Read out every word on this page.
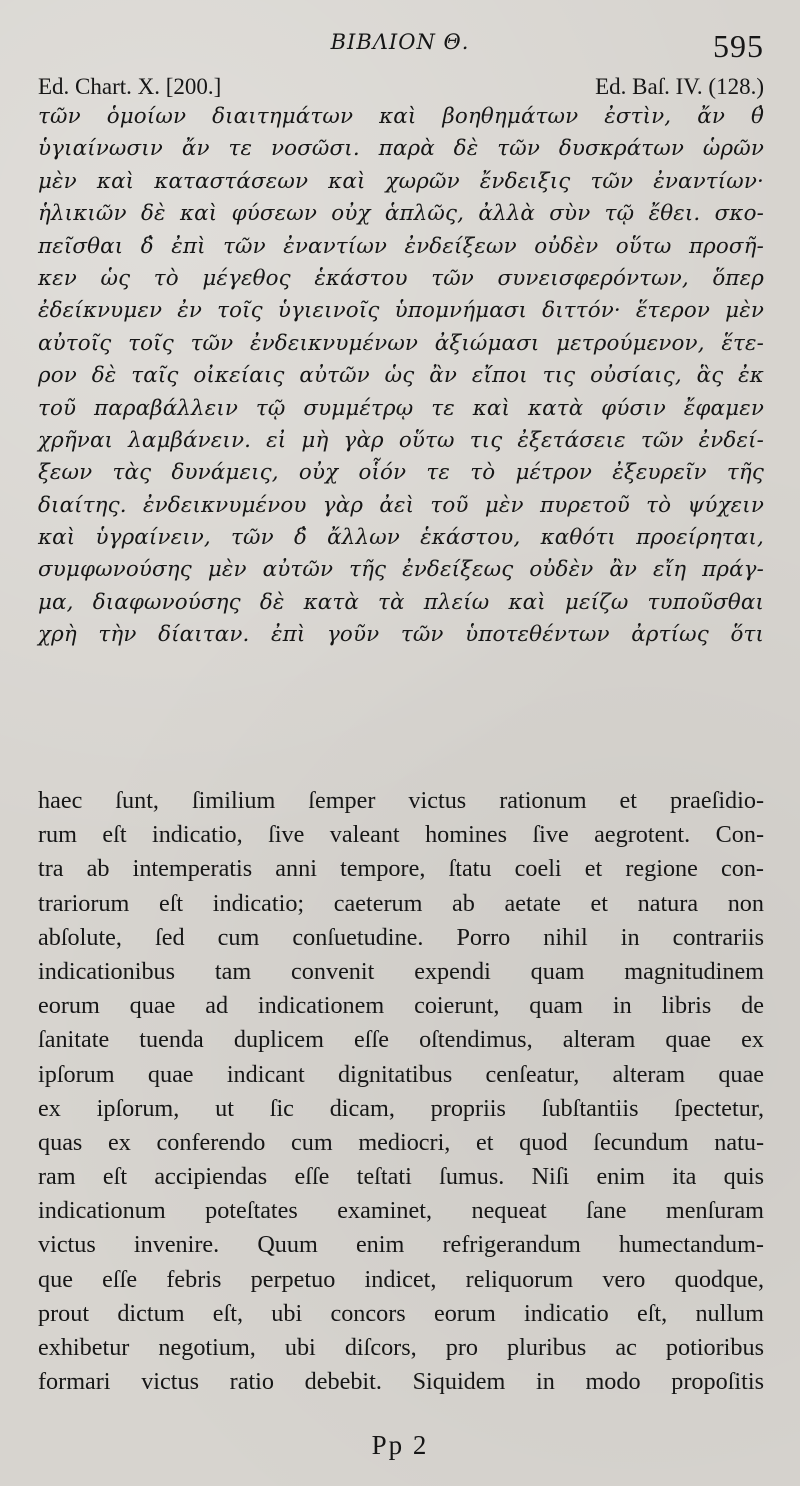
BIBΛΙΟΝ Θ.	595
Ed. Chart. X. [200.]	Ed. Baſ. IV. (128.)
τῶν ὁμοίων διαιτημάτων καὶ βοηθημάτων ἐστὶν, ἄν θ̓
ὑγιαίνωσιν ἄν τε νοσῶσι. παρὰ δὲ τῶν δυσκράτων ὡρῶν
μὲν καὶ καταστάσεων καὶ χωρῶν ἔνδειξις τῶν ἐναντίων·
ἡλικιῶν δὲ καὶ φύσεων οὐχ ἁπλῶς, ἀλλὰ σὺν τῷ ἔθει. σκο-
πεῖσθαι δ̓ ἐπὶ τῶν ἐναντίων ἐνδείξεων οὐδὲν οὕτω προσῆ-
κεν ὡς τὸ μέγεθος ἑκάστου τῶν συνεισφερόντων, ὅπερ
ἐδείκνυμεν ἐν τοῖς ὑγιεινοῖς ὑπομνήμασι διττόν· ἕτερον μὲν
αὐτοῖς τοῖς τῶν ἐνδεικνυμένων ἀξιώμασι μετρούμενον, ἕτε-
ρον δὲ ταῖς οἰκείαις αὐτῶν ὡς ἂν εἴποι τις οὐσίαις, ἃς ἐκ
τοῦ παραβάλλειν τῷ συμμέτρῳ τε καὶ κατὰ φύσιν ἔφαμεν
χρῆναι λαμβάνειν. εἰ μὴ γὰρ οὕτω τις ἐξετάσειε τῶν ἐνδεί-
ξεων τὰς δυνάμεις, οὐχ οἷόν τε τὸ μέτρον ἐξευρεῖν τῆς
διαίτης. ἐνδεικνυμένου γὰρ ἀεὶ τοῦ μὲν πυρετοῦ τὸ ψύχειν
καὶ ὑγραίνειν, τῶν δ̓ ἄλλων ἑκάστου, καθότι προείρηται,
συμφωνούσης μὲν αὐτῶν τῆς ἐνδείξεως οὐδὲν ἂν εἴη πράγ-
μα, διαφωνούσης δὲ κατὰ τὰ πλείω καὶ μείζω τυποῦσθαι
χρὴ τὴν δίαιταν. ἐπὶ γοῦν τῶν ὑποτεθέντων ἀρτίως ὅτι
haec ſunt, ſimilium ſemper victus rationum et praeſidio-
rum eſt indicatio, ſive valeant homines ſive aegrotent. Con-
tra ab intemperatis anni tempore, ſtatu coeli et regione con-
trariorum eſt indicatio; caeterum ab aetate et natura non
abſolute, ſed cum conſuetudine. Porro nihil in contrariis
indicationibus tam convenit expendi quam magnitudinem
eorum quae ad indicationem coierunt, quam in libris de
ſanitate tuenda duplicem eſſe oſtendimus, alteram quae ex
ipſorum quae indicant dignitatibus cenſeatur, alteram quae
ex ipſorum, ut ſic dicam, propriis ſubſtantiis ſpectetur,
quas ex conferendo cum mediocri, et quod ſecundum natu-
ram eſt accipiendas eſſe teſtati ſumus. Niſi enim ita quis
indicationum poteſtates examinet, nequeat ſane menſuram
victus invenire. Quum enim refrigerandum humectandum-
que eſſe febris perpetuo indicet, reliquorum vero quodque,
prout dictum eſt, ubi concors eorum indicatio eſt, nullum
exhibetur negotium, ubi diſcors, pro pluribus ac potioribus
formari victus ratio debebit. Siquidem in modo propoſitis
Pp 2
